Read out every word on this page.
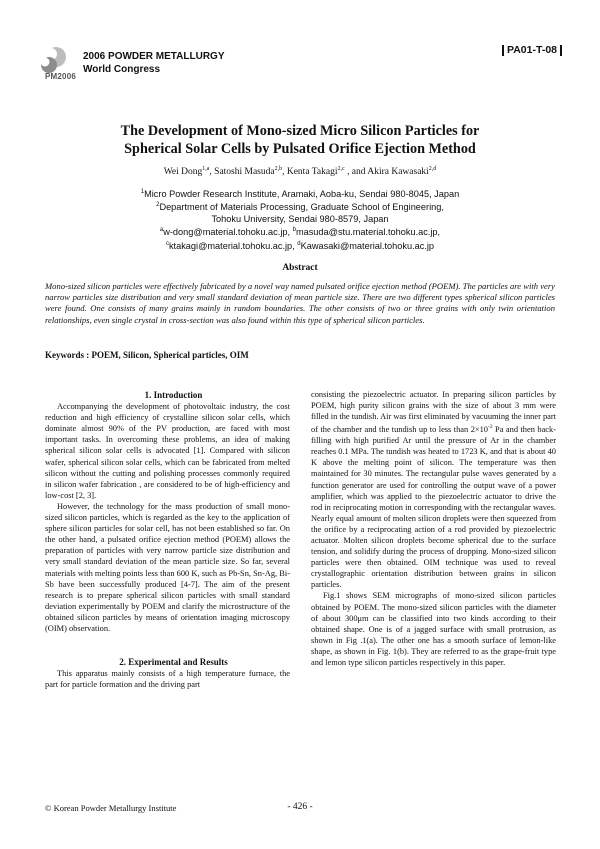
PM2006
2006 POWDER METALLURGY
World Congress
PA01-T-08
The Development of Mono-sized Micro Silicon Particles for
Spherical Solar Cells by Pulsated Orifice Ejection Method
Wei Dong$^{1,a}$, Satoshi Masuda$^{2,b}$, Kenta Takagi$^{2,c}$ , and Akira Kawasaki$^{2,d}$
$^1$Micro Powder Research Institute, Aramaki, Aoba-ku, Sendai 980-8045, Japan
$^2$Department of Materials Processing, Graduate School of Engineering,
Tohoku University, Sendai 980-8579, Japan
$^a$w-dong@material.tohoku.ac.jp, $^b$masuda@stu.material.tohoku.ac.jp,
$^c$ktakagi@material.tohoku.ac.jp, $^d$Kawasaki@material.tohoku.ac.jp
Abstract
Mono-sized silicon particles were effectively fabricated by a novel way named pulsated orifice ejection method (POEM). The particles are with very narrow particles size distribution and very small standard deviation of mean particle size. There are two different types spherical silicon particles were found. One consists of many grains mainly in random boundaries. The other consists of two or three grains with only twin orientation relationships, even single crystal in cross-section was also found within this type of spherical silicon particles.
Keywords : POEM, Silicon, Spherical particles, OIM

1. Introduction

Accompanying the development of photovoltaic industry, the cost reduction and high efficiency of crystalline silicon solar cells, which dominate almost 90% of the PV production, are faced with most important tasks. In overcoming these problems, an idea of making spherical silicon solar cells is advocated [1]. Compared with silicon wafer, spherical silicon solar cells, which can be fabricated from melted silicon without the cutting and polishing processes commonly required in silicon wafer fabrication , are considered to be of high-efficiency and low-cost [2, 3].

However, the technology for the mass production of small mono-sized silicon particles, which is regarded as the key to the application of sphere silicon particles for solar cell, has not been established so far. On the other hand, a pulsated orifice ejection method (POEM) allows the preparation of particles with very narrow particle size distribution and very small standard deviation of the mean particle size. So far, several materials with melting points less than 600 K, such as Pb-Sn, Sn-Ag, Bi-Sb have been successfully produced [4-7]. The aim of the present research is to prepare spherical silicon particles with small standard deviation experimentally by POEM and clarify the microstructure of the obtained silicon particles by means of orientation imaging microscopy (OIM) observation.

2. Experimental and Results

This apparatus mainly consists of a high temperature furnace, the part for particle formation and the driving part

consisting the piezoelectric actuator. In preparing silicon particles by POEM, high purity silicon grains with the size of about 3 mm were filled in the tundish. Air was first eliminated by vacuuming the inner part of the chamber and the tundish up to less than $2\times 10^{-2}$ Pa and then back-filling with high purified Ar until the pressure of Ar in the chamber reaches 0.1 MPa. The tundish was heated to 1723 K, and that is about 40 K above the melting point of silicon. The temperature was then maintained for 30 minutes. The rectangular pulse waves generated by a function generator are used for controlling the output wave of a power amplifier, which was applied to the piezoelectric actuator to drive the rod in reciprocating motion in corresponding with the rectangular waves. Nearly equal amount of molten silicon droplets were then squeezed from the orifice by a reciprocating action of a rod provided by piezoelectric actuator. Molten silicon droplets become spherical due to the surface tension, and solidify during the process of dropping. Mono-sized silicon particles were then obtained. OIM technique was used to reveal crystallographic orientation distribution between grains in silicon particles.

Fig.1 shows SEM micrographs of mono-sized silicon particles obtained by POEM. The mono-sized silicon particles with the diameter of about 300μm can be classified into two kinds according to their obtained shape. One is of a jagged surface with small protrusion, as shown in Fig .1(a). The other one has a smooth surface of lemon-like shape, as shown in Fig. 1(b). They are referred to as the grape-fruit type and lemon type silicon particles respectively in this paper.

© Korean Powder Metallurgy Institute	- 426 -
